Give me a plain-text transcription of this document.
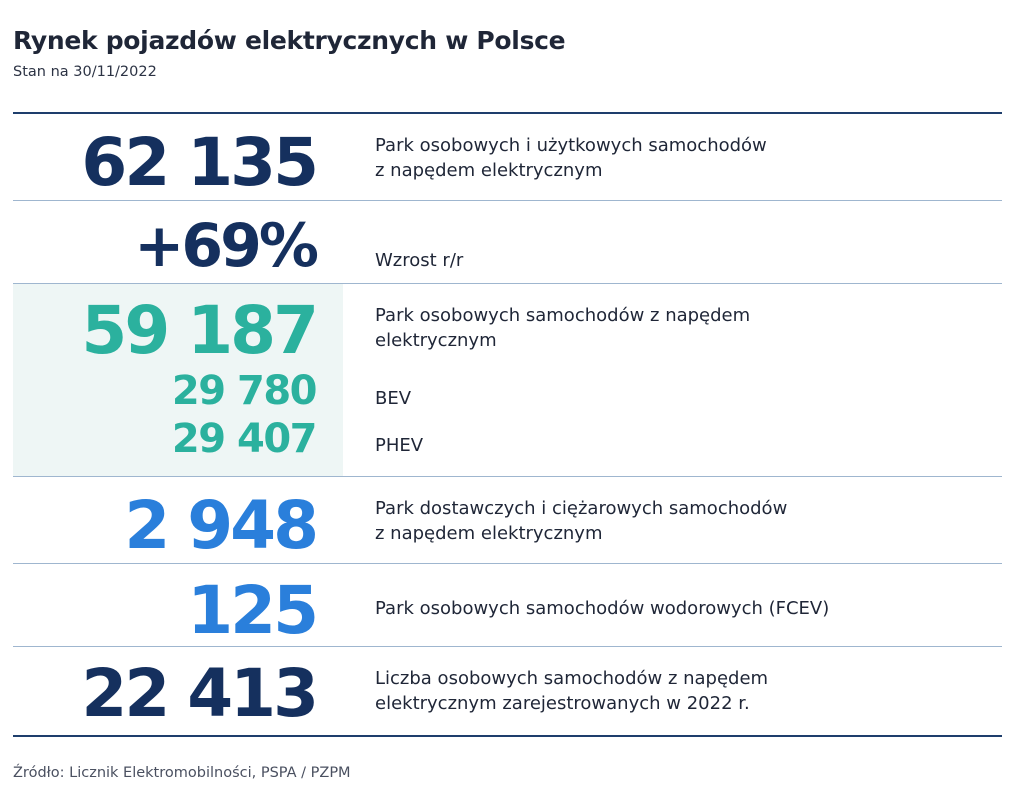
Rynek pojazdów elektrycznych w Polsce
Stan na 30/11/2022
62 135	Park osobowych i użytkowych samochodów
z napędem elektrycznym
+69%	Wzrost r/r
59 187	Park osobowych samochodów z napędem
elektrycznym
29 780	BEV
29 407	PHEV
2 948	Park dostawczych i ciężarowych samochodów
z napędem elektrycznym
125	Park osobowych samochodów wodorowych (FCEV)
22 413	Liczba osobowych samochodów z napędem
elektrycznym zarejestrowanych w 2022 r.
Źródło: Licznik Elektromobilności, PSPA / PZPM
